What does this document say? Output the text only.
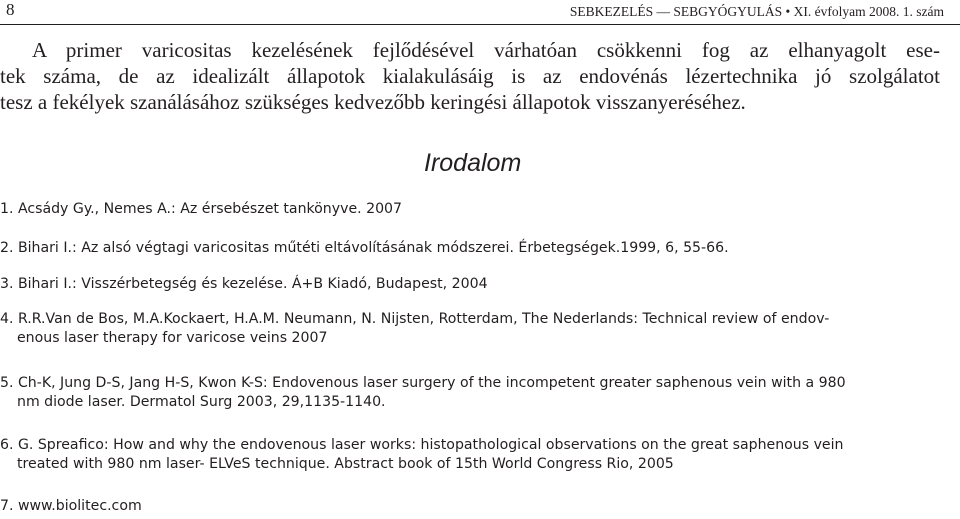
8	SEBKEZELÉS — SEBGYÓGYULÁS • XI. évfolyam 2008. 1. szám

A primer varicositas kezelésének fejlődésével várhatóan csökkenni fog az elhanyagolt ese-
tek száma, de az idealizált állapotok kialakulásáig is az endovénás lézertechnika jó szolgálatot
tesz a fekélyek szanálásához szükséges kedvezőbb keringési állapotok visszanyeréséhez.

Irodalom
1. Acsády Gy., Nemes A.: Az érsebészet tankönyve. 2007
2. Bihari I.: Az alsó végtagi varicositas műtéti eltávolításának módszerei. Érbetegségek.1999, 6, 55-66.
3. Bihari I.: Visszérbetegség és kezelése. Á+B Kiadó, Budapest, 2004
4. R.R.Van de Bos, M.A.Kockaert, H.A.M. Neumann, N. Nijsten, Rotterdam, The Nederlands: Technical review of endov-
enous laser therapy for varicose veins 2007
5. Ch-K, Jung D-S, Jang H-S, Kwon K-S: Endovenous laser surgery of the incompetent greater saphenous vein with a 980
nm diode laser. Dermatol Surg 2003, 29,1135-1140.
6. G. Spreafico: How and why the endovenous laser works: histopathological observations on the great saphenous vein
treated with 980 nm laser- ELVeS technique. Abstract book of 15th World Congress Rio, 2005
7. www.biolitec.com
